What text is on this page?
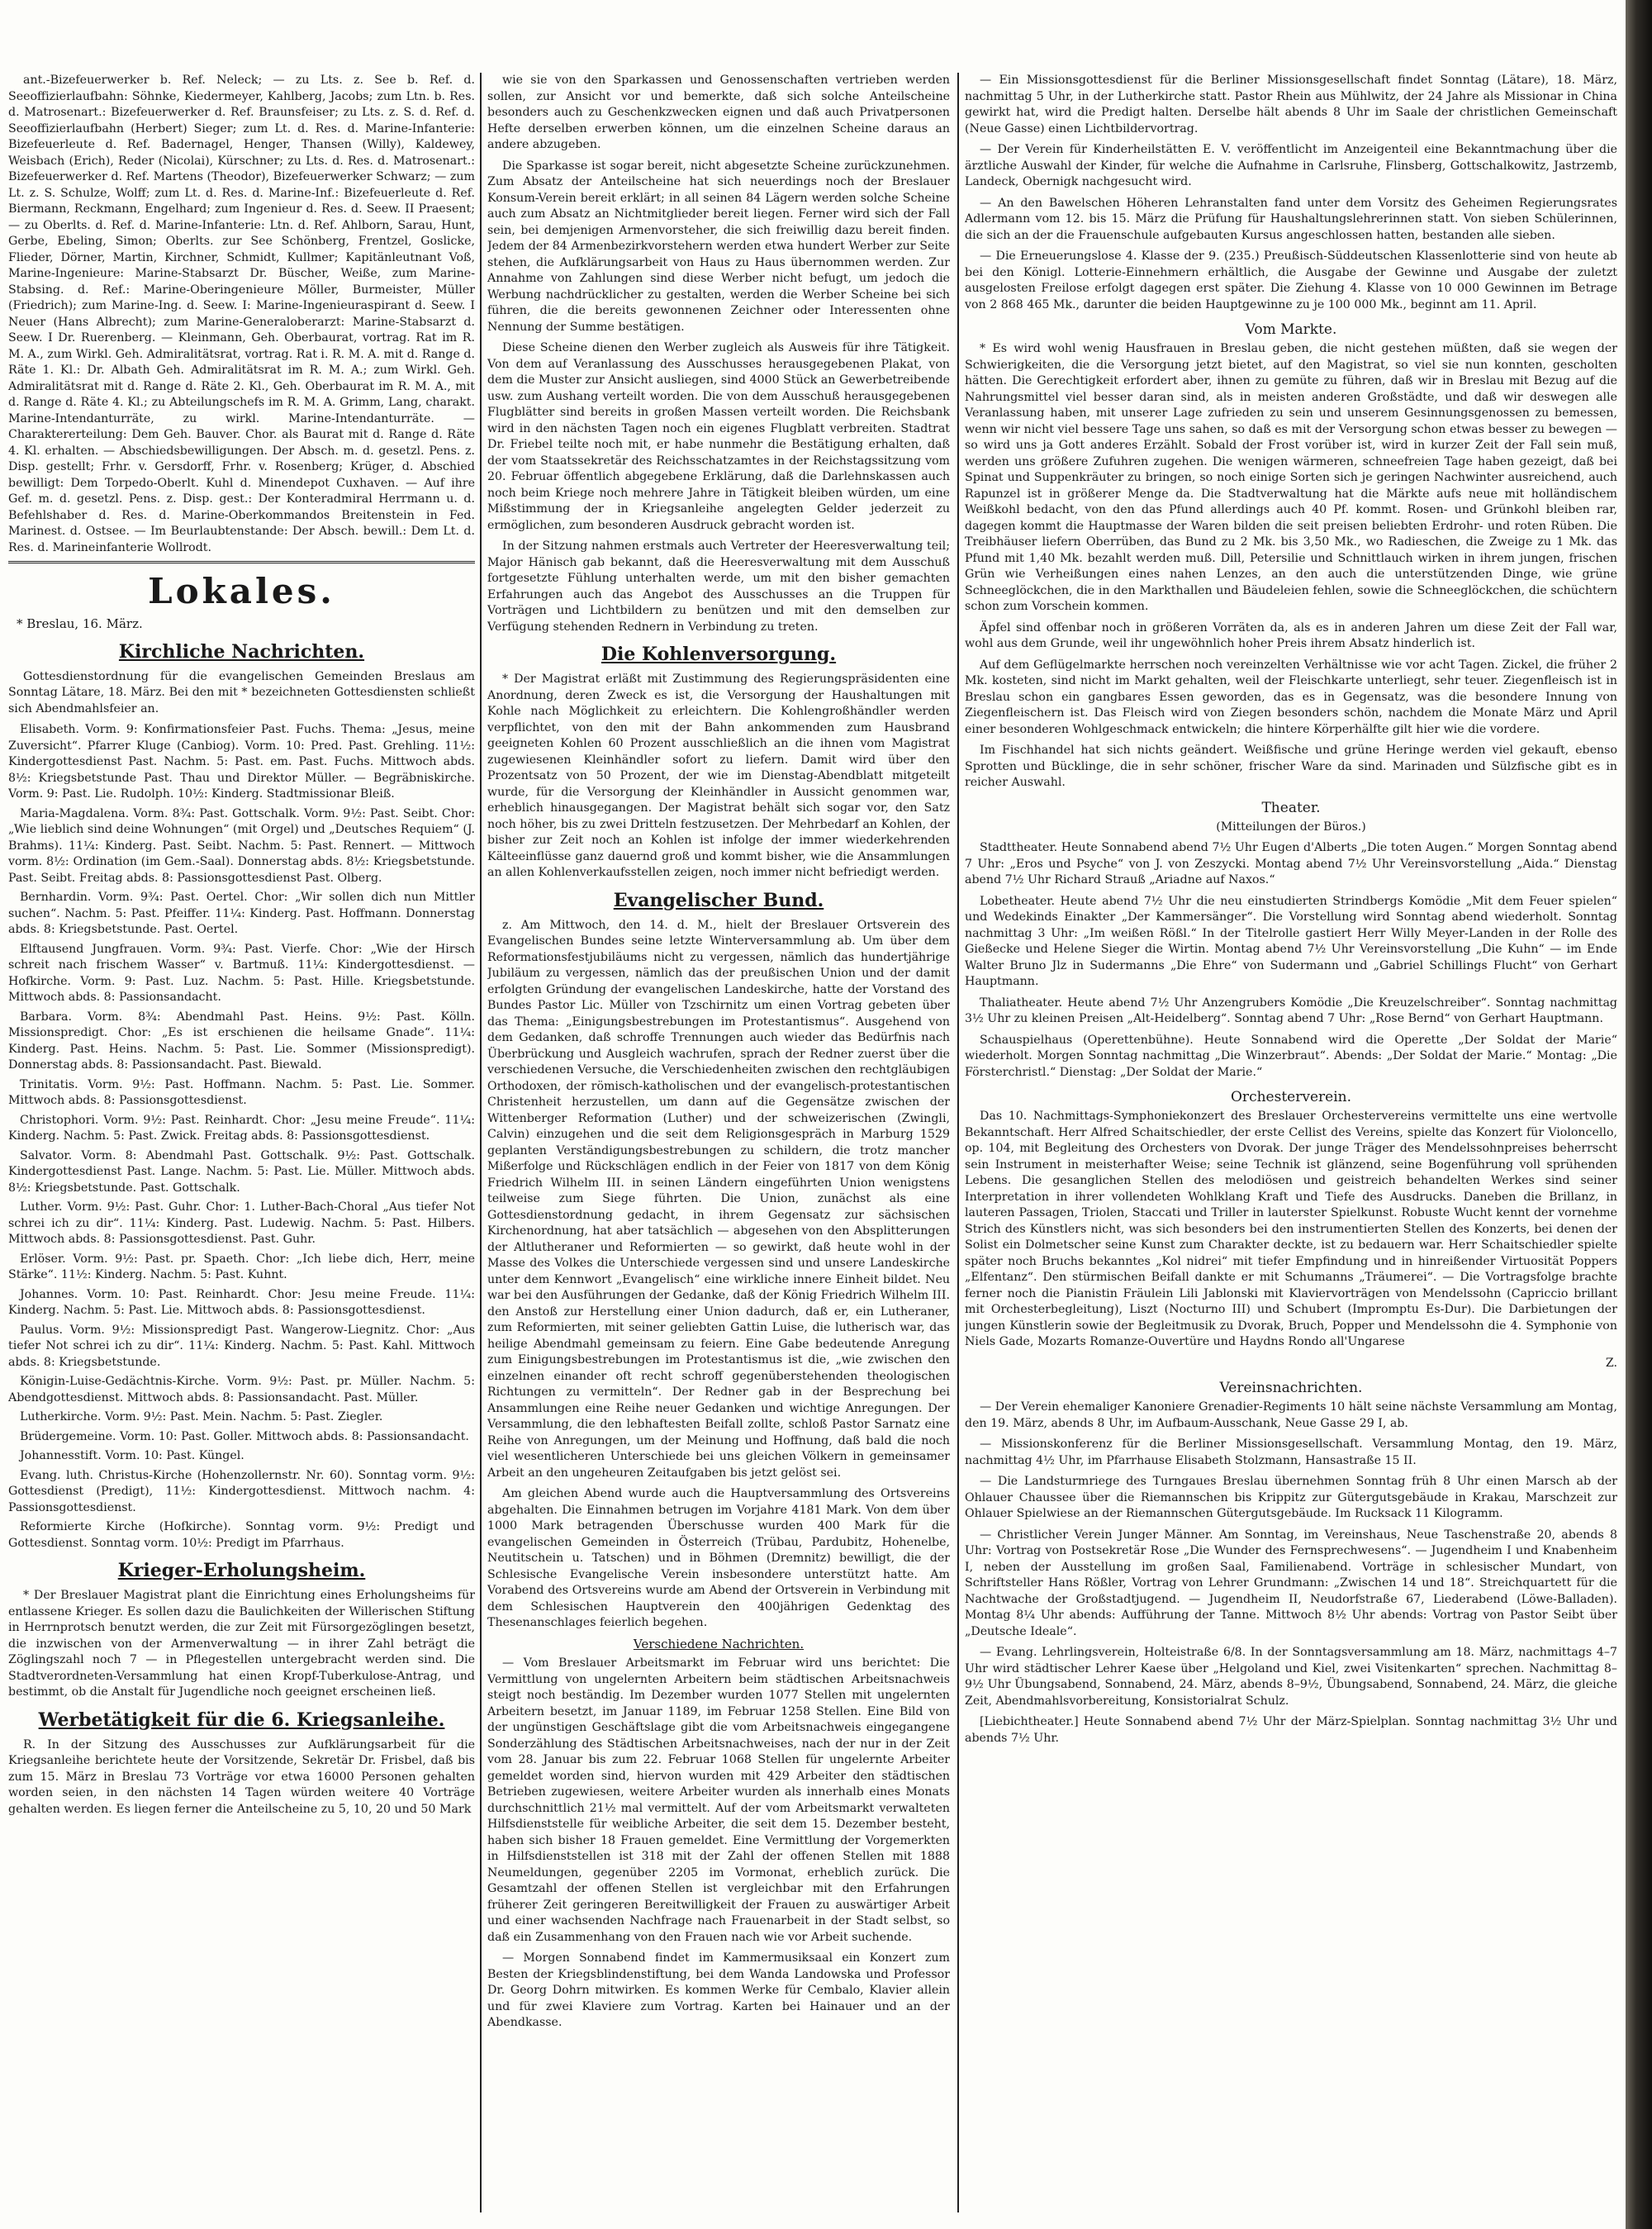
ant.-Bizefeuerwerker b. Ref. Neleck; — zu Lts. z. See b. Ref. d. Seeoffizierlaufbahn: Söhnke, Kiedermeyer, Kahlberg, Jacobs; zum Ltn. b. Res. d. Matrosenart.: Bizefeuerwerker d. Ref. Braunsfeiser; zu Lts. z. S. d. Ref. d. Seeoffizierlaufbahn (Herbert) Sieger; zum Lt. d. Res. d. Marine-Infanterie: Bizefeuerleute d. Ref. Badernagel, Henger, Thansen (Willy), Kaldewey, Weisbach (Erich), Reder (Nicolai), Kürschner; zu Lts. d. Res. d. Matrosenart.: Bizefeuerwerker d. Ref. Martens (Theodor), Bizefeuerwerker Schwarz; — zum Lt. z. S. Schulze, Wolff; zum Lt. d. Res. d. Marine-Inf.: Bizefeuerleute d. Ref. Biermann, Reckmann, Engelhard; zum Ingenieur d. Res. d. Seew. II Praesent; — zu Oberlts. d. Ref. d. Marine-Infanterie: Ltn. d. Ref. Ahlborn, Sarau, Hunt, Gerbe, Ebeling, Simon; Oberlts. zur See Schönberg, Frentzel, Goslicke, Flieder, Dörner, Martin, Kirchner, Schmidt, Kullmer; Kapitänleutnant Voß, Marine-Ingenieure: Marine-Stabsarzt Dr. Büscher, Weiße, zum Marine-Stabsing. d. Ref.: Marine-Oberingenieure Möller, Burmeister, Müller (Friedrich); zum Marine-Ing. d. Seew. I: Marine-Ingenieuraspirant d. Seew. I Neuer (Hans Albrecht); zum Marine-Generaloberarzt: Marine-Stabsarzt d. Seew. I Dr. Ruerenberg. — Kleinmann, Geh. Oberbaurat, vortrag. Rat im R. M. A., zum Wirkl. Geh. Admiralitätsrat, vortrag. Rat i. R. M. A. mit d. Range d. Räte 1. Kl.: Dr. Albath Geh. Admiralitätsrat im R. M. A.; zum Wirkl. Geh. Admiralitätsrat mit d. Range d. Räte 2. Kl., Geh. Oberbaurat im R. M. A., mit d. Range d. Räte 4. Kl.; zu Abteilungschefs im R. M. A. Grimm, Lang, charakt. Marine-Intendanturräte, zu wirkl. Marine-Intendanturräte. — Charaktererteilung: Dem Geh. Bauver. Chor. als Baurat mit d. Range d. Räte 4. Kl. erhalten. — Abschiedsbewilligungen. Der Absch. m. d. gesetzl. Pens. z. Disp. gestellt; Frhr. v. Gersdorff, Frhr. v. Rosenberg; Krüger, d. Abschied bewilligt: Dem Torpedo-Oberlt. Kuhl d. Minendepot Cuxhaven. — Auf ihre Gef. m. d. gesetzl. Pens. z. Disp. gest.: Der Konteradmiral Herrmann u. d. Befehlshaber d. Res. d. Marine-Oberkommandos Breitenstein in Fed. Marinest. d. Ostsee. — Im Beurlaubtenstande: Der Absch. bewill.: Dem Lt. d. Res. d. Marineinfanterie Wollrodt.

Lokales.
* Breslau, 16. März.
Kirchliche Nachrichten.

Gottesdienstordnung für die evangelischen Gemeinden Breslaus am Sonntag Lätare, 18. März. Bei den mit * bezeichneten Gottesdiensten schließt sich Abendmahlsfeier an.

Elisabeth. Vorm. 9: Konfirmationsfeier Past. Fuchs. Thema: „Jesus, meine Zuversicht“. Pfarrer Kluge (Canbiog). Vorm. 10: Pred. Past. Grehling. 11½: Kindergottesdienst Past. Nachm. 5: Past. em. Past. Fuchs. Mittwoch abds. 8½: Kriegsbetstunde Past. Thau und Direktor Müller. — Begräbniskirche. Vorm. 9: Past. Lie. Rudolph. 10½: Kinderg. Stadtmissionar Bleiß.

Maria-Magdalena. Vorm. 8¾: Past. Gottschalk. Vorm. 9½: Past. Seibt. Chor: „Wie lieblich sind deine Wohnungen“ (mit Orgel) und „Deutsches Requiem“ (J. Brahms). 11¼: Kinderg. Past. Seibt. Nachm. 5: Past. Rennert. — Mittwoch vorm. 8½: Ordination (im Gem.-Saal). Donnerstag abds. 8½: Kriegsbetstunde. Past. Seibt. Freitag abds. 8: Passionsgottesdienst Past. Olberg.

Bernhardin. Vorm. 9¾: Past. Oertel. Chor: „Wir sollen dich nun Mittler suchen“. Nachm. 5: Past. Pfeiffer. 11¼: Kinderg. Past. Hoffmann. Donnerstag abds. 8: Kriegsbetstunde. Past. Oertel.

Elftausend Jungfrauen. Vorm. 9¾: Past. Vierfe. Chor: „Wie der Hirsch schreit nach frischem Wasser“ v. Bartmuß. 11¼: Kindergottesdienst. — Hofkirche. Vorm. 9: Past. Luz. Nachm. 5: Past. Hille. Kriegsbetstunde. Mittwoch abds. 8: Passionsandacht.

Barbara. Vorm. 8¾: Abendmahl Past. Heins. 9½: Past. Kölln. Missionspredigt. Chor: „Es ist erschienen die heilsame Gnade“. 11¼: Kinderg. Past. Heins. Nachm. 5: Past. Lie. Sommer (Missionspredigt). Donnerstag abds. 8: Passionsandacht. Past. Biewald.

Trinitatis. Vorm. 9½: Past. Hoffmann. Nachm. 5: Past. Lie. Sommer. Mittwoch abds. 8: Passionsgottesdienst.

Christophori. Vorm. 9½: Past. Reinhardt. Chor: „Jesu meine Freude“. 11¼: Kinderg. Nachm. 5: Past. Zwick. Freitag abds. 8: Passionsgottesdienst.

Salvator. Vorm. 8: Abendmahl Past. Gottschalk. 9½: Past. Gottschalk. Kindergottesdienst Past. Lange. Nachm. 5: Past. Lie. Müller. Mittwoch abds. 8½: Kriegsbetstunde. Past. Gottschalk.

Luther. Vorm. 9½: Past. Guhr. Chor: 1. Luther-Bach-Choral „Aus tiefer Not schrei ich zu dir“. 11¼: Kinderg. Past. Ludewig. Nachm. 5: Past. Hilbers. Mittwoch abds. 8: Passionsgottesdienst. Past. Guhr.

Erlöser. Vorm. 9½: Past. pr. Spaeth. Chor: „Ich liebe dich, Herr, meine Stärke“. 11½: Kinderg. Nachm. 5: Past. Kuhnt.

Johannes. Vorm. 10: Past. Reinhardt. Chor: Jesu meine Freude. 11¼: Kinderg. Nachm. 5: Past. Lie. Mittwoch abds. 8: Passionsgottesdienst.

Paulus. Vorm. 9½: Missionspredigt Past. Wangerow-Liegnitz. Chor: „Aus tiefer Not schrei ich zu dir“. 11¼: Kinderg. Nachm. 5: Past. Kahl. Mittwoch abds. 8: Kriegsbetstunde.

Königin-Luise-Gedächtnis-Kirche. Vorm. 9½: Past. pr. Müller. Nachm. 5: Abendgottesdienst. Mittwoch abds. 8: Passionsandacht. Past. Müller.

Lutherkirche. Vorm. 9½: Past. Mein. Nachm. 5: Past. Ziegler.

Brüdergemeine. Vorm. 10: Past. Goller. Mittwoch abds. 8: Passionsandacht.

Johannesstift. Vorm. 10: Past. Küngel.

Evang. luth. Christus-Kirche (Hohenzollernstr. Nr. 60). Sonntag vorm. 9½: Gottesdienst (Predigt), 11½: Kindergottesdienst. Mittwoch nachm. 4: Passionsgottesdienst.

Reformierte Kirche (Hofkirche). Sonntag vorm. 9½: Predigt und Gottesdienst. Sonntag vorm. 10½: Predigt im Pfarrhaus.

Krieger-Erholungsheim.

* Der Breslauer Magistrat plant die Einrichtung eines Erholungsheims für entlassene Krieger. Es sollen dazu die Baulichkeiten der Willerischen Stiftung in Herrnprotsch benutzt werden, die zur Zeit mit Fürsorgezöglingen besetzt, die inzwischen von der Armenverwaltung — in ihrer Zahl beträgt die Zöglingszahl noch 7 — in Pflegestellen untergebracht werden sind. Die Stadtverordneten-Versammlung hat einen Kropf-Tuberkulose-Antrag, und bestimmt, ob die Anstalt für Jugendliche noch geeignet erscheinen ließ.

Werbetätigkeit für die 6. Kriegsanleihe.

R. In der Sitzung des Ausschusses zur Aufklärungsarbeit für die Kriegsanleihe berichtete heute der Vorsitzende, Sekretär Dr. Frisbel, daß bis zum 15. März in Breslau 73 Vorträge vor etwa 16000 Personen gehalten worden seien, in den nächsten 14 Tagen würden weitere 40 Vorträge gehalten werden. Es liegen ferner die Anteilscheine zu 5, 10, 20 und 50 Mark

wie sie von den Sparkassen und Genossenschaften vertrieben werden sollen, zur Ansicht vor und bemerkte, daß sich solche Anteilscheine besonders auch zu Geschenkzwecken eignen und daß auch Privatpersonen Hefte derselben erwerben können, um die einzelnen Scheine daraus an andere abzugeben.

Die Sparkasse ist sogar bereit, nicht abgesetzte Scheine zurückzunehmen. Zum Absatz der Anteilscheine hat sich neuerdings noch der Breslauer Konsum-Verein bereit erklärt; in all seinen 84 Lägern werden solche Scheine auch zum Absatz an Nichtmitglieder bereit liegen. Ferner wird sich der Fall sein, bei demjenigen Armenvorsteher, die sich freiwillig dazu bereit finden. Jedem der 84 Armenbezirkvorstehern werden etwa hundert Werber zur Seite stehen, die Aufklärungsarbeit von Haus zu Haus übernommen werden. Zur Annahme von Zahlungen sind diese Werber nicht befugt, um jedoch die Werbung nachdrücklicher zu gestalten, werden die Werber Scheine bei sich führen, die die bereits gewonnenen Zeichner oder Interessenten ohne Nennung der Summe bestätigen.

Diese Scheine dienen den Werber zugleich als Ausweis für ihre Tätigkeit. Von dem auf Veranlassung des Ausschusses herausgegebenen Plakat, von dem die Muster zur Ansicht ausliegen, sind 4000 Stück an Gewerbetreibende usw. zum Aushang verteilt worden. Die von dem Ausschuß herausgegebenen Flugblätter sind bereits in großen Massen verteilt worden. Die Reichsbank wird in den nächsten Tagen noch ein eigenes Flugblatt verbreiten. Stadtrat Dr. Friebel teilte noch mit, er habe nunmehr die Bestätigung erhalten, daß der vom Staatssekretär des Reichsschatzamtes in der Reichstagssitzung vom 20. Februar öffentlich abgegebene Erklärung, daß die Darlehnskassen auch noch beim Kriege noch mehrere Jahre in Tätigkeit bleiben würden, um eine Mißstimmung der in Kriegsanleihe angelegten Gelder jederzeit zu ermöglichen, zum besonderen Ausdruck gebracht worden ist.

In der Sitzung nahmen erstmals auch Vertreter der Heeresverwaltung teil; Major Hänisch gab bekannt, daß die Heeresverwaltung mit dem Ausschuß fortgesetzte Fühlung unterhalten werde, um mit den bisher gemachten Erfahrungen auch das Angebot des Ausschusses an die Truppen für Vorträgen und Lichtbildern zu benützen und mit den demselben zur Verfügung stehenden Rednern in Verbindung zu treten.

Die Kohlenversorgung.

* Der Magistrat erläßt mit Zustimmung des Regierungspräsidenten eine Anordnung, deren Zweck es ist, die Versorgung der Haushaltungen mit Kohle nach Möglichkeit zu erleichtern. Die Kohlengroßhändler werden verpflichtet, von den mit der Bahn ankommenden zum Hausbrand geeigneten Kohlen 60 Prozent ausschließlich an die ihnen vom Magistrat zugewiesenen Kleinhändler sofort zu liefern. Damit wird über den Prozentsatz von 50 Prozent, der wie im Dienstag-Abendblatt mitgeteilt wurde, für die Versorgung der Kleinhändler in Aussicht genommen war, erheblich hinausgegangen. Der Magistrat behält sich sogar vor, den Satz noch höher, bis zu zwei Dritteln festzusetzen. Der Mehrbedarf an Kohlen, der bisher zur Zeit noch an Kohlen ist infolge der immer wiederkehrenden Kälteeinflüsse ganz dauernd groß und kommt bisher, wie die Ansammlungen an allen Kohlenverkaufsstellen zeigen, noch immer nicht befriedigt werden.

Evangelischer Bund.

z. Am Mittwoch, den 14. d. M., hielt der Breslauer Ortsverein des Evangelischen Bundes seine letzte Winterversammlung ab. Um über dem Reformationsfestjubiläums nicht zu vergessen, nämlich das hundertjährige Jubiläum zu vergessen, nämlich das der preußischen Union und der damit erfolgten Gründung der evangelischen Landeskirche, hatte der Vorstand des Bundes Pastor Lic. Müller von Tzschirnitz um einen Vortrag gebeten über das Thema: „Einigungsbestrebungen im Protestantismus“. Ausgehend von dem Gedanken, daß schroffe Trennungen auch wieder das Bedürfnis nach Überbrückung und Ausgleich wachrufen, sprach der Redner zuerst über die verschiedenen Versuche, die Verschiedenheiten zwischen den rechtgläubigen Orthodoxen, der römisch-katholischen und der evangelisch-protestantischen Christenheit herzustellen, um dann auf die Gegensätze zwischen der Wittenberger Reformation (Luther) und der schweizerischen (Zwingli, Calvin) einzugehen und die seit dem Religionsgespräch in Marburg 1529 geplanten Verständigungsbestrebungen zu schildern, die trotz mancher Mißerfolge und Rückschlägen endlich in der Feier von 1817 von dem König Friedrich Wilhelm III. in seinen Ländern eingeführten Union wenigstens teilweise zum Siege führten. Die Union, zunächst als eine Gottesdienstordnung gedacht, in ihrem Gegensatz zur sächsischen Kirchenordnung, hat aber tatsächlich — abgesehen von den Absplitterungen der Altlutheraner und Reformierten — so gewirkt, daß heute wohl in der Masse des Volkes die Unterschiede vergessen sind und unsere Landeskirche unter dem Kennwort „Evangelisch“ eine wirkliche innere Einheit bildet. Neu war bei den Ausführungen der Gedanke, daß der König Friedrich Wilhelm III. den Anstoß zur Herstellung einer Union dadurch, daß er, ein Lutheraner, zum Reformierten, mit seiner geliebten Gattin Luise, die lutherisch war, das heilige Abendmahl gemeinsam zu feiern. Eine Gabe bedeutende Anregung zum Einigungsbestrebungen im Protestantismus ist die, „wie zwischen den einzelnen einander oft recht schroff gegenüberstehenden theologischen Richtungen zu vermitteln“. Der Redner gab in der Besprechung bei Ansammlungen eine Reihe neuer Gedanken und wichtige Anregungen. Der Versammlung, die den lebhaftesten Beifall zollte, schloß Pastor Sarnatz eine Reihe von Anregungen, um der Meinung und Hoffnung, daß bald die noch viel wesentlicheren Unterschiede bei uns gleichen Völkern in gemeinsamer Arbeit an den ungeheuren Zeitaufgaben bis jetzt gelöst sei.

Am gleichen Abend wurde auch die Hauptversammlung des Ortsvereins abgehalten. Die Einnahmen betrugen im Vorjahre 4181 Mark. Von dem über 1000 Mark betragenden Überschusse wurden 400 Mark für die evangelischen Gemeinden in Österreich (Trübau, Pardubitz, Hohenelbe, Neutitschein u. Tatschen) und in Böhmen (Dremnitz) bewilligt, die der Schlesische Evangelische Verein insbesondere unterstützt hatte. Am Vorabend des Ortsvereins wurde am Abend der Ortsverein in Verbindung mit dem Schlesischen Hauptverein den 400jährigen Gedenktag des Thesenanschlages feierlich begehen.

Verschiedene Nachrichten.

— Vom Breslauer Arbeitsmarkt im Februar wird uns berichtet: Die Vermittlung von ungelernten Arbeitern beim städtischen Arbeitsnachweis steigt noch beständig. Im Dezember wurden 1077 Stellen mit ungelernten Arbeitern besetzt, im Januar 1189, im Februar 1258 Stellen. Eine Bild von der ungünstigen Geschäftslage gibt die vom Arbeitsnachweis eingegangene Sonderzählung des Städtischen Arbeitsnachweises, nach der nur in der Zeit vom 28. Januar bis zum 22. Februar 1068 Stellen für ungelernte Arbeiter gemeldet worden sind, hiervon wurden mit 429 Arbeiter den städtischen Betrieben zugewiesen, weitere Arbeiter wurden als innerhalb eines Monats durchschnittlich 21½ mal vermittelt. Auf der vom Arbeitsmarkt verwalteten Hilfsdienststelle für weibliche Arbeiter, die seit dem 15. Dezember besteht, haben sich bisher 18 Frauen gemeldet. Eine Vermittlung der Vorgemerkten in Hilfsdienststellen ist 318 mit der Zahl der offenen Stellen mit 1888 Neumeldungen, gegenüber 2205 im Vormonat, erheblich zurück. Die Gesamtzahl der offenen Stellen ist vergleichbar mit den Erfahrungen früherer Zeit geringeren Bereitwilligkeit der Frauen zu auswärtiger Arbeit und einer wachsenden Nachfrage nach Frauenarbeit in der Stadt selbst, so daß ein Zusammenhang von den Frauen nach wie vor Arbeit suchende.

— Morgen Sonnabend findet im Kammermusiksaal ein Konzert zum Besten der Kriegsblindenstiftung, bei dem Wanda Landowska und Professor Dr. Georg Dohrn mitwirken. Es kommen Werke für Cembalo, Klavier allein und für zwei Klaviere zum Vortrag. Karten bei Hainauer und an der Abendkasse.

— Ein Missionsgottesdienst für die Berliner Missionsgesellschaft findet Sonntag (Lätare), 18. März, nachmittag 5 Uhr, in der Lutherkirche statt. Pastor Rhein aus Mühlwitz, der 24 Jahre als Missionar in China gewirkt hat, wird die Predigt halten. Derselbe hält abends 8 Uhr im Saale der christlichen Gemeinschaft (Neue Gasse) einen Lichtbildervortrag.

— Der Verein für Kinderheilstätten E. V. veröffentlicht im Anzeigenteil eine Bekanntmachung über die ärztliche Auswahl der Kinder, für welche die Aufnahme in Carlsruhe, Flinsberg, Gottschalkowitz, Jastrzemb, Landeck, Obernigk nachgesucht wird.

— An den Bawelschen Höheren Lehranstalten fand unter dem Vorsitz des Geheimen Regierungsrates Adlermann vom 12. bis 15. März die Prüfung für Haushaltungslehrerinnen statt. Von sieben Schülerinnen, die sich an der die Frauenschule aufgebauten Kursus angeschlossen hatten, bestanden alle sieben.

— Die Erneuerungslose 4. Klasse der 9. (235.) Preußisch-Süddeutschen Klassenlotterie sind von heute ab bei den Königl. Lotterie-Einnehmern erhältlich, die Ausgabe der Gewinne und Ausgabe der zuletzt ausgelosten Freilose erfolgt dagegen erst später. Die Ziehung 4. Klasse von 10 000 Gewinnen im Betrage von 2 868 465 Mk., darunter die beiden Hauptgewinne zu je 100 000 Mk., beginnt am 11. April.

Vom Markte.

* Es wird wohl wenig Hausfrauen in Breslau geben, die nicht gestehen müßten, daß sie wegen der Schwierigkeiten, die die Versorgung jetzt bietet, auf den Magistrat, so viel sie nun konnten, gescholten hätten. Die Gerechtigkeit erfordert aber, ihnen zu gemüte zu führen, daß wir in Breslau mit Bezug auf die Nahrungsmittel viel besser daran sind, als in meisten anderen Großstädte, und daß wir deswegen alle Veranlassung haben, mit unserer Lage zufrieden zu sein und unserem Gesinnungsgenossen zu bemessen, wenn wir nicht viel bessere Tage uns sahen, so daß es mit der Versorgung schon etwas besser zu bewegen — so wird uns ja Gott anderes Erzählt. Sobald der Frost vorüber ist, wird in kurzer Zeit der Fall sein muß, werden uns größere Zufuhren zugehen. Die wenigen wärmeren, schneefreien Tage haben gezeigt, daß bei Spinat und Suppenkräuter zu bringen, so noch einige Sorten sich je geringen Nachwinter ausreichend, auch Rapunzel ist in größerer Menge da. Die Stadtverwaltung hat die Märkte aufs neue mit holländischem Weißkohl bedacht, von den das Pfund allerdings auch 40 Pf. kommt. Rosen- und Grünkohl bleiben rar, dagegen kommt die Hauptmasse der Waren bilden die seit preisen beliebten Erdrohr- und roten Rüben. Die Treibhäuser liefern Oberrüben, das Bund zu 2 Mk. bis 3,50 Mk., wo Radieschen, die Zweige zu 1 Mk. das Pfund mit 1,40 Mk. bezahlt werden muß. Dill, Petersilie und Schnittlauch wirken in ihrem jungen, frischen Grün wie Verheißungen eines nahen Lenzes, an den auch die unterstützenden Dinge, wie grüne Schneeglöckchen, die in den Markthallen und Bäudeleien fehlen, sowie die Schneeglöckchen, die schüchtern schon zum Vorschein kommen.

Äpfel sind offenbar noch in größeren Vorräten da, als es in anderen Jahren um diese Zeit der Fall war, wohl aus dem Grunde, weil ihr ungewöhnlich hoher Preis ihrem Absatz hinderlich ist.

Auf dem Geflügelmarkte herrschen noch vereinzelten Verhältnisse wie vor acht Tagen. Zickel, die früher 2 Mk. kosteten, sind nicht im Markt gehalten, weil der Fleischkarte unterliegt, sehr teuer. Ziegenfleisch ist in Breslau schon ein gangbares Essen geworden, das es in Gegensatz, was die besondere Innung von Ziegenfleischern ist. Das Fleisch wird von Ziegen besonders schön, nachdem die Monate März und April einer besonderen Wohlgeschmack entwickeln; die hintere Körperhälfte gilt hier wie die vordere.

Im Fischhandel hat sich nichts geändert. Weißfische und grüne Heringe werden viel gekauft, ebenso Sprotten und Bücklinge, die in sehr schöner, frischer Ware da sind. Marinaden und Sülzfische gibt es in reicher Auswahl.

Theater.
(Mitteilungen der Büros.)

Stadttheater. Heute Sonnabend abend 7½ Uhr Eugen d'Alberts „Die toten Augen.“ Morgen Sonntag abend 7 Uhr: „Eros und Psyche“ von J. von Zeszycki. Montag abend 7½ Uhr Vereinsvorstellung „Aida.“ Dienstag abend 7½ Uhr Richard Strauß „Ariadne auf Naxos.“

Lobetheater. Heute abend 7½ Uhr die neu einstudierten Strindbergs Komödie „Mit dem Feuer spielen“ und Wedekinds Einakter „Der Kammersänger“. Die Vorstellung wird Sonntag abend wiederholt. Sonntag nachmittag 3 Uhr: „Im weißen Rößl.“ In der Titelrolle gastiert Herr Willy Meyer-Landen in der Rolle des Gießecke und Helene Sieger die Wirtin. Montag abend 7½ Uhr Vereinsvorstellung „Die Kuhn“ — im Ende Walter Bruno Jlz in Sudermanns „Die Ehre“ von Sudermann und „Gabriel Schillings Flucht“ von Gerhart Hauptmann.

Thaliatheater. Heute abend 7½ Uhr Anzengrubers Komödie „Die Kreuzelschreiber“. Sonntag nachmittag 3½ Uhr zu kleinen Preisen „Alt-Heidelberg“. Sonntag abend 7 Uhr: „Rose Bernd“ von Gerhart Hauptmann.

Schauspielhaus (Operettenbühne). Heute Sonnabend wird die Operette „Der Soldat der Marie“ wiederholt. Morgen Sonntag nachmittag „Die Winzerbraut“. Abends: „Der Soldat der Marie.“ Montag: „Die Försterchristl.“ Dienstag: „Der Soldat der Marie.“

Orchesterverein.

Das 10. Nachmittags-Symphoniekonzert des Breslauer Orchestervereins vermittelte uns eine wertvolle Bekanntschaft. Herr Alfred Schaitschiedler, der erste Cellist des Vereins, spielte das Konzert für Violoncello, op. 104, mit Begleitung des Orchesters von Dvorak. Der junge Träger des Mendelssohnpreises beherrscht sein Instrument in meisterhafter Weise; seine Technik ist glänzend, seine Bogenführung voll sprühenden Lebens. Die gesanglichen Stellen des melodiösen und geistreich behandelten Werkes sind seiner Interpretation in ihrer vollendeten Wohlklang Kraft und Tiefe des Ausdrucks. Daneben die Brillanz, in lauteren Passagen, Triolen, Staccati und Triller in lauterster Spielkunst. Robuste Wucht kennt der vornehme Strich des Künstlers nicht, was sich besonders bei den instrumentierten Stellen des Konzerts, bei denen der Solist ein Dolmetscher seine Kunst zum Charakter deckte, ist zu bedauern war. Herr Schaitschiedler spielte später noch Bruchs bekanntes „Kol nidrei“ mit tiefer Empfindung und in hinreißender Virtuosität Poppers „Elfentanz“. Den stürmischen Beifall dankte er mit Schumanns „Träumerei“. — Die Vortragsfolge brachte ferner noch die Pianistin Fräulein Lili Jablonski mit Klaviervorträgen von Mendelssohn (Capriccio brillant mit Orchesterbegleitung), Liszt (Nocturno III) und Schubert (Impromptu Es-Dur). Die Darbietungen der jungen Künstlerin sowie der Begleitmusik zu Dvorak, Bruch, Popper und Mendelssohn die 4. Symphonie von Niels Gade, Mozarts Romanze-Ouvertüre und Haydns Rondo all'Ungarese

Z.
Vereinsnachrichten.

— Der Verein ehemaliger Kanoniere Grenadier-Regiments 10 hält seine nächste Versammlung am Montag, den 19. März, abends 8 Uhr, im Aufbaum-Ausschank, Neue Gasse 29 I, ab.

— Missionskonferenz für die Berliner Missionsgesellschaft. Versammlung Montag, den 19. März, nachmittag 4½ Uhr, im Pfarrhause Elisabeth Stolzmann, Hansastraße 15 II.

— Die Landsturmriege des Turngaues Breslau übernehmen Sonntag früh 8 Uhr einen Marsch ab der Ohlauer Chaussee über die Riemannschen bis Krippitz zur Gütergutsgebäude in Krakau, Marschzeit zur Ohlauer Spielwiese an der Riemannschen Gütergutsgebäude. Im Rucksack 11 Kilogramm.

— Christlicher Verein Junger Männer. Am Sonntag, im Vereinshaus, Neue Taschenstraße 20, abends 8 Uhr: Vortrag von Postsekretär Rose „Die Wunder des Fernsprechwesens“. — Jugendheim I und Knabenheim I, neben der Ausstellung im großen Saal, Familienabend. Vorträge in schlesischer Mundart, von Schriftsteller Hans Rößler, Vortrag von Lehrer Grundmann: „Zwischen 14 und 18“. Streichquartett für die Nachtwache der Großstadtjugend. — Jugendheim II, Neudorfstraße 67, Liederabend (Löwe-Balladen). Montag 8¼ Uhr abends: Aufführung der Tanne. Mittwoch 8½ Uhr abends: Vortrag von Pastor Seibt über „Deutsche Ideale“.

— Evang. Lehrlingsverein, Holteistraße 6/8. In der Sonntagsversammlung am 18. März, nachmittags 4–7 Uhr wird städtischer Lehrer Kaese über „Helgoland und Kiel, zwei Visitenkarten“ sprechen. Nachmittag 8–9½ Uhr Übungsabend, Sonnabend, 24. März, abends 8–9½, Übungsabend, Sonnabend, 24. März, die gleiche Zeit, Abendmahlsvorbereitung, Konsistorialrat Schulz.

[Liebichtheater.] Heute Sonnabend abend 7½ Uhr der März-Spielplan. Sonntag nachmittag 3½ Uhr und abends 7½ Uhr.
